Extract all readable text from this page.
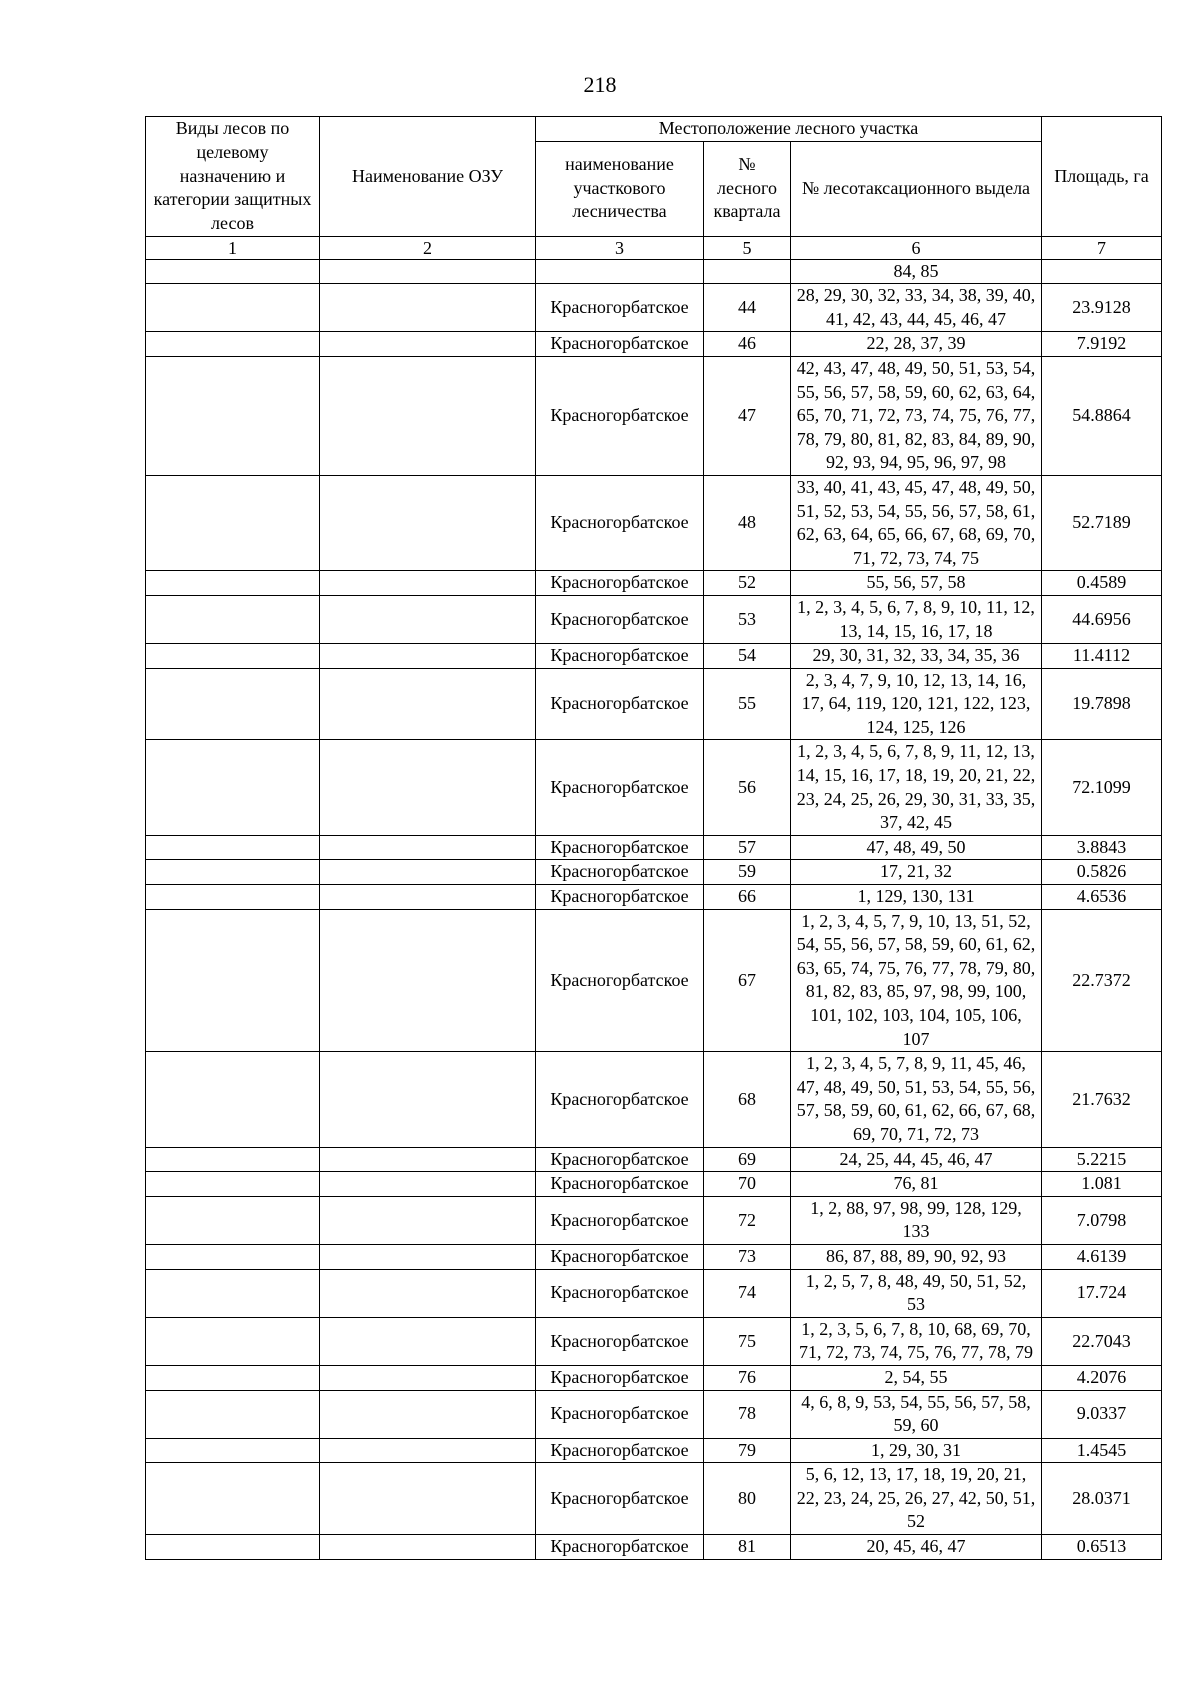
218
Виды лесов по целевому назначению и категории защитных лесов	Наименование ОЗУ	Местоположение лесного участка			Площадь, га
		наименование участкового лесничества	№ лесного квартала	№ лесотаксационного выдела	
1	2	3	5	6	7
				84, 85	
		Красногорбатское	44	28, 29, 30, 32, 33, 34, 38, 39, 40, 41, 42, 43, 44, 45, 46, 47	23.9128
		Красногорбатское	46	22, 28, 37, 39	7.9192
		Красногорбатское	47	42, 43, 47, 48, 49, 50, 51, 53, 54, 55, 56, 57, 58, 59, 60, 62, 63, 64, 65, 70, 71, 72, 73, 74, 75, 76, 77, 78, 79, 80, 81, 82, 83, 84, 89, 90, 92, 93, 94, 95, 96, 97, 98	54.8864
		Красногорбатское	48	33, 40, 41, 43, 45, 47, 48, 49, 50, 51, 52, 53, 54, 55, 56, 57, 58, 61, 62, 63, 64, 65, 66, 67, 68, 69, 70, 71, 72, 73, 74, 75	52.7189
		Красногорбатское	52	55, 56, 57, 58	0.4589
		Красногорбатское	53	1, 2, 3, 4, 5, 6, 7, 8, 9, 10, 11, 12, 13, 14, 15, 16, 17, 18	44.6956
		Красногорбатское	54	29, 30, 31, 32, 33, 34, 35, 36	11.4112
		Красногорбатское	55	2, 3, 4, 7, 9, 10, 12, 13, 14, 16, 17, 64, 119, 120, 121, 122, 123, 124, 125, 126	19.7898
		Красногорбатское	56	1, 2, 3, 4, 5, 6, 7, 8, 9, 11, 12, 13, 14, 15, 16, 17, 18, 19, 20, 21, 22, 23, 24, 25, 26, 29, 30, 31, 33, 35, 37, 42, 45	72.1099
		Красногорбатское	57	47, 48, 49, 50	3.8843
		Красногорбатское	59	17, 21, 32	0.5826
		Красногорбатское	66	1, 129, 130, 131	4.6536
		Красногорбатское	67	1, 2, 3, 4, 5, 7, 9, 10, 13, 51, 52, 54, 55, 56, 57, 58, 59, 60, 61, 62, 63, 65, 74, 75, 76, 77, 78, 79, 80, 81, 82, 83, 85, 97, 98, 99, 100, 101, 102, 103, 104, 105, 106, 107	22.7372
		Красногорбатское	68	1, 2, 3, 4, 5, 7, 8, 9, 11, 45, 46, 47, 48, 49, 50, 51, 53, 54, 55, 56, 57, 58, 59, 60, 61, 62, 66, 67, 68, 69, 70, 71, 72, 73	21.7632
		Красногорбатское	69	24, 25, 44, 45, 46, 47	5.2215
		Красногорбатское	70	76, 81	1.081
		Красногорбатское	72	1, 2, 88, 97, 98, 99, 128, 129, 133	7.0798
		Красногорбатское	73	86, 87, 88, 89, 90, 92, 93	4.6139
		Красногорбатское	74	1, 2, 5, 7, 8, 48, 49, 50, 51, 52, 53	17.724
		Красногорбатское	75	1, 2, 3, 5, 6, 7, 8, 10, 68, 69, 70, 71, 72, 73, 74, 75, 76, 77, 78, 79	22.7043
		Красногорбатское	76	2, 54, 55	4.2076
		Красногорбатское	78	4, 6, 8, 9, 53, 54, 55, 56, 57, 58, 59, 60	9.0337
		Красногорбатское	79	1, 29, 30, 31	1.4545
		Красногорбатское	80	5, 6, 12, 13, 17, 18, 19, 20, 21, 22, 23, 24, 25, 26, 27, 42, 50, 51, 52	28.0371
		Красногорбатское	81	20, 45, 46, 47	0.6513
